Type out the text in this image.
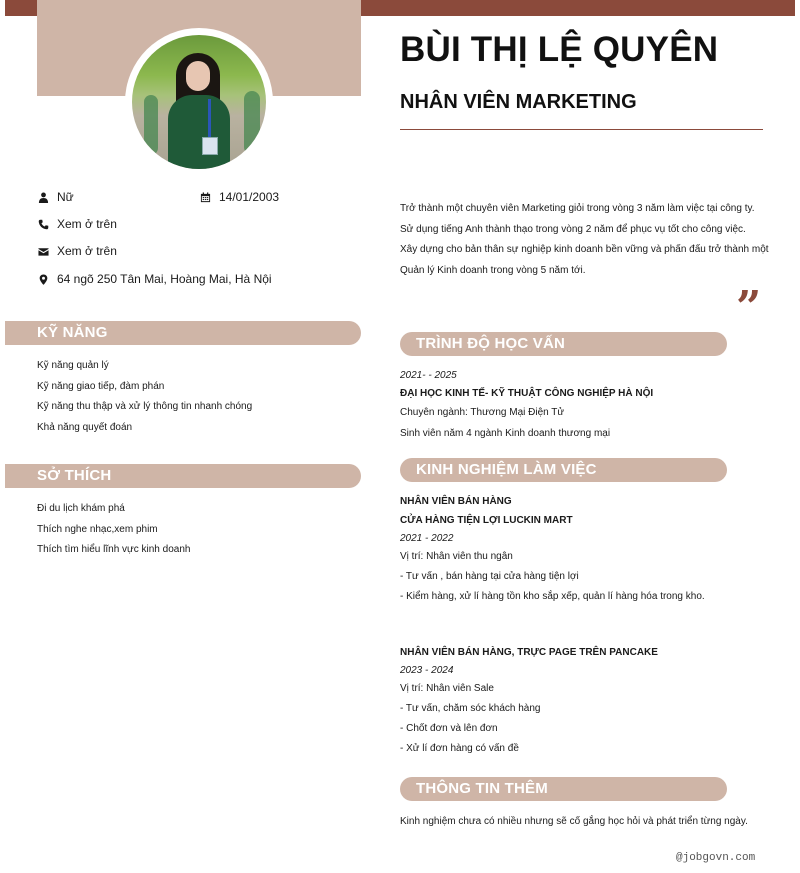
Nữ	14/01/2003
Xem ở trên
Xem ở trên
64 ngõ 250 Tân Mai, Hoàng Mai, Hà Nội
KỸ NĂNG
Kỹ năng quản lý
Kỹ năng giao tiếp, đàm phán
Kỹ năng thu thập và xử lý thông tin nhanh chóng
Khả năng quyết đoán
SỞ THÍCH
Đi du lịch khám phá
Thích nghe nhạc,xem phim
Thích tìm hiểu lĩnh vực kinh doanh
BÙI THỊ LỆ QUYÊN
NHÂN VIÊN MARKETING
Trở thành một chuyên viên Marketing giỏi trong vòng 3 năm làm việc tại công ty.
Sử dụng tiếng Anh thành thạo trong vòng 2 năm để phục vụ tốt cho công việc.
Xây dựng cho bản thân sự nghiệp kinh doanh bền vững và phấn đấu trở thành một Quản lý Kinh doanh trong vòng 5 năm tới.
”
TRÌNH ĐỘ HỌC VẤN
2021- - 2025
ĐẠI HỌC KINH TẾ- KỸ THUẬT CÔNG NGHIỆP HÀ NỘI
Chuyên ngành: Thương Mại Điện Tử
Sinh viên năm 4 ngành Kinh doanh thương mại
KINH NGHIỆM LÀM VIỆC
NHÂN VIÊN BÁN HÀNG
CỬA HÀNG TIỆN LỢI LUCKIN MART
2021 - 2022
Vị trí: Nhân viên thu ngân
- Tư vấn , bán hàng tại cửa hàng tiện lợi
- Kiểm hàng, xử lí hàng tồn kho sắp xếp, quản lí hàng hóa trong kho.
NHÂN VIÊN BÁN HÀNG, TRỰC PAGE TRÊN PANCAKE
2023 - 2024
Vị trí: Nhân viên Sale
- Tư vấn, chăm sóc khách hàng
- Chốt đơn và lên đơn
- Xử lí đơn hàng có vấn đề
THÔNG TIN THÊM
Kinh nghiệm chưa có nhiều nhưng sẽ cố gắng học hỏi và phát triển từng ngày.
@jobgovn.com
